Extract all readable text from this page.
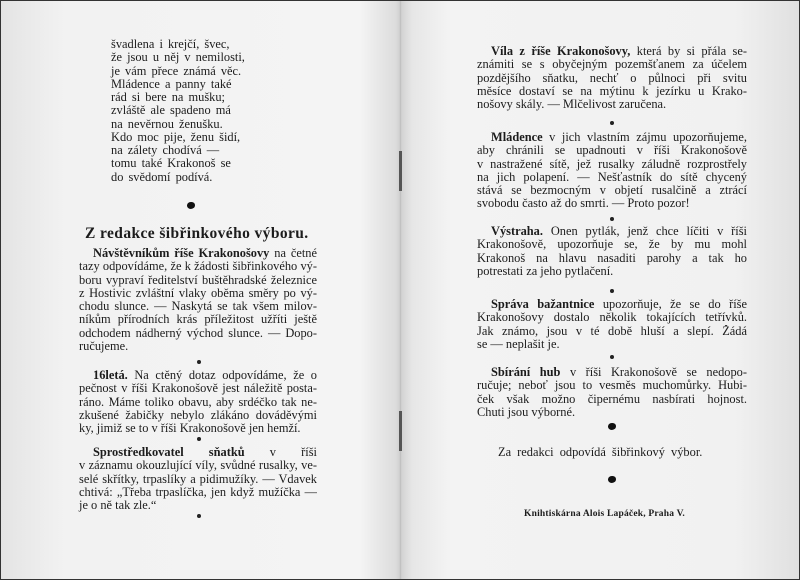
švadlena i krejčí, švec,
že jsou u něj v nemilosti,
je vám přece známá věc.
Mládence a panny také
rád si bere na mušku;
zvláště ale spadeno má
na nevěrnou ženušku.
Kdo moc pije, ženu šidí,
na zálety chodívá —
tomu také Krakonoš se
do svědomí podívá.
Z redakce šibřinkového výboru.
Návštěvníkům říše Krakonošovy na četné
tazy odpovídáme, že k žádosti šibřinkového vý-
boru vypraví ředitelství buštěhradské železnice
z Hostivic zvláštní vlaky oběma směry po vý-
chodu slunce. — Naskytá se tak všem milov-
níkům přírodních krás příležitost užříti ještě
odchodem nádherný východ slunce. — Dopo-
ručujeme.
16letá. Na ctěný dotaz odpovídáme, že o
pečnost v říši Krakonošově jest náležitě posta-
ráno. Máme toliko obavu, aby srdéčko tak ne-
zkušené žabičky nebylo zlákáno dováděvými
ky, jimiž se to v říši Krakonošově jen hemží.
Sprostředkovatel sňatků v říši
v záznamu okouzlující víly, svůdné rusalky, ve-
selé skřítky, trpaslíky a pidimužíky. — Vdavek
chtivá: „Třeba trpaslíčka, jen když mužíčka —
je o ně tak zle.“
Víla z říše Krakonošovy, která by si přála se-
známiti se s obyčejným pozemšťanem za účelem
pozdějšího sňatku, nechť o půlnoci při svitu
měsíce dostaví se na mýtinu k jezírku u Krako-
nošovy skály. — Mlčelivost zaručena.
Mládence v jich vlastním zájmu upozorňujeme,
aby chránili se upadnouti v říši Krakonošově
v nastražené sítě, jež rusalky záludně rozprostřely
na jich polapení. — Nešťastník do sítě chycený
stává se bezmocným v objetí rusalčině a ztrácí
svobodu často až do smrti. — Proto pozor!
Výstraha. Onen pytlák, jenž chce líčiti v říši
Krakonošově, upozorňuje se, že by mu mohl
Krakonoš na hlavu nasaditi parohy a tak ho
potrestati za jeho pytlačení.
Správa bažantnice upozorňuje, že se do říše
Krakonošovy dostalo několik tokajících tetřívků.
Jak známo, jsou v té době hluší a slepí. Žádá
se — neplašit je.
Sbírání hub v říši Krakonošově se nedopo-
ručuje; neboť jsou to vesměs muchomůrky. Hubi-
ček však možno čipernému nasbírati hojnost.
Chuti jsou výborné.
Za redakci odpovídá šibřinkový výbor.
Knihtiskárna Alois Lapáček, Praha V.
